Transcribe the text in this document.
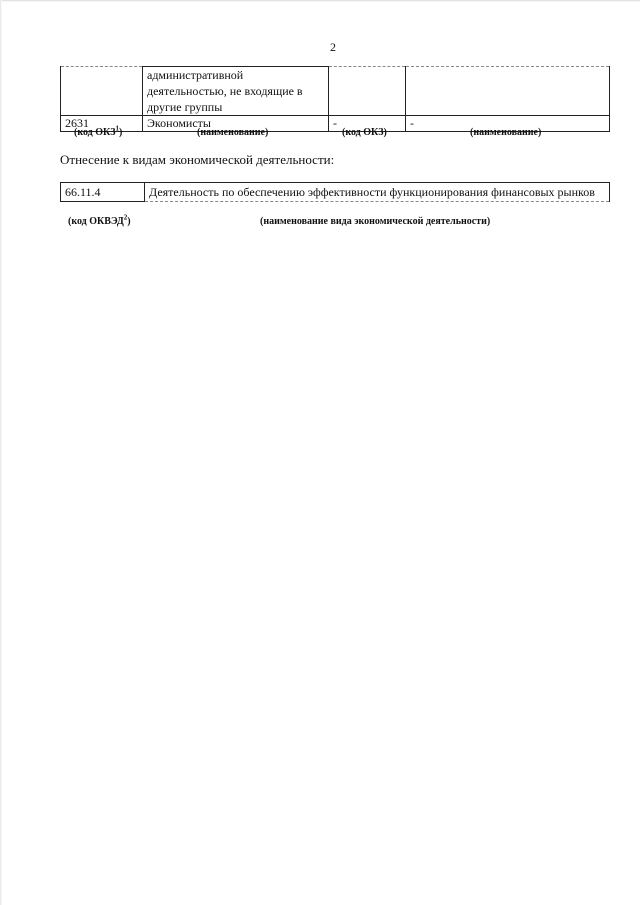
2
	административной деятельностью, не входящие в другие группы		
2631	Экономисты	-	-
(код ОКЗ$^1$)	(наименование)	(код ОКЗ)	(наименование)
Отнесение к видам экономической деятельности:
66.11.4	Деятельность по обеспечению эффективности функционирования финансовых рынков
(код ОКВЭД$^2$)	(наименование вида экономической деятельности)
